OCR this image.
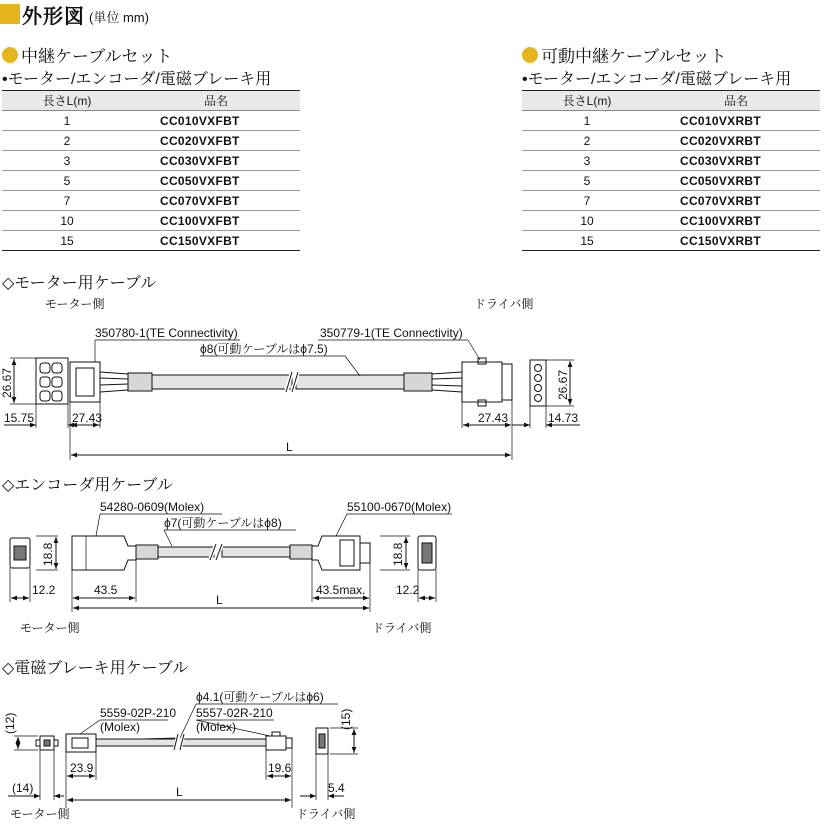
外形図 (単位 mm)
中継ケーブルセット
•モーター/エンコーダ/電磁ブレーキ用
長さL(m)	品名
1	CC010VXFBT
2	CC020VXFBT
3	CC030VXFBT
5	CC050VXFBT
7	CC070VXFBT
10	CC100VXFBT
15	CC150VXFBT
可動中継ケーブルセット
•モーター/エンコーダ/電磁ブレーキ用
長さL(m)	品名
1	CC010VXRBT
2	CC020VXRBT
3	CC030VXRBT
5	CC050VXRBT
7	CC070VXRBT
10	CC100VXRBT
15	CC150VXRBT
◇モーター用ケーブル
◇エンコーダ用ケーブル
◇電磁ブレーキ用ケーブル
モーター側	ドライバ側
350780-1(TE Connectivity)	350779-1(TE Connectivity)
ϕ8(可動ケーブルはϕ7.5)
26.67	26.67
15.75	27.43	27.43	14.73
L
54280-0609(Molex)	55100-0670(Molex)
ϕ7(可動ケーブルはϕ8)
18.8	18.8
12.2	43.5	43.5max.	12.2
L
モーター側	ドライバ側
ϕ4.1(可動ケーブルはϕ6)
5559-02P-210
(Molex)
5557-02R-210
(Molex)
(12)	(15)
(14)
23.9	19.6
5.4
L
モーター側	ドライバ側
